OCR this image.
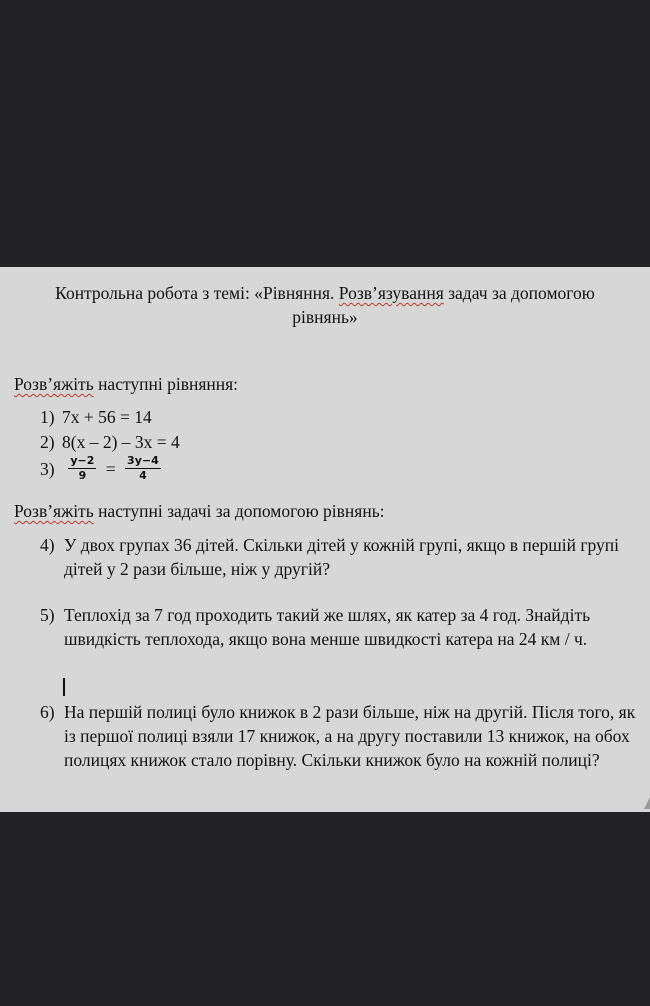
Контрольна робота з темі: «Рівняння. Розв’язування задач за допомогою
рівнянь»
Розв’яжіть наступні рівняння:
1) 7x + 56 = 14
2) 8(x – 2) – 3x = 4
$3) \frac{y-2}{9} = \frac{3y-4}{4}$
Розв’яжіть наступні задачі за допомогою рівнянь:
4) У двох групах 36 дітей. Скільки дітей у кожній групі, якщо в першій групі дітей у 2 рази більше, ніж у другій?
5) Теплохід за 7 год проходить такий же шлях, як катер за 4 год. Знайдіть швидкість теплохода, якщо вона менше швидкості катера на 24 км / ч.
6) На першій полиці було книжок в 2 рази більше, ніж на другій. Після того, як із першої полиці взяли 17 книжок, а на другу поставили 13 книжок, на обох полицях книжок стало порівну. Скільки книжок було на кожній полиці?
